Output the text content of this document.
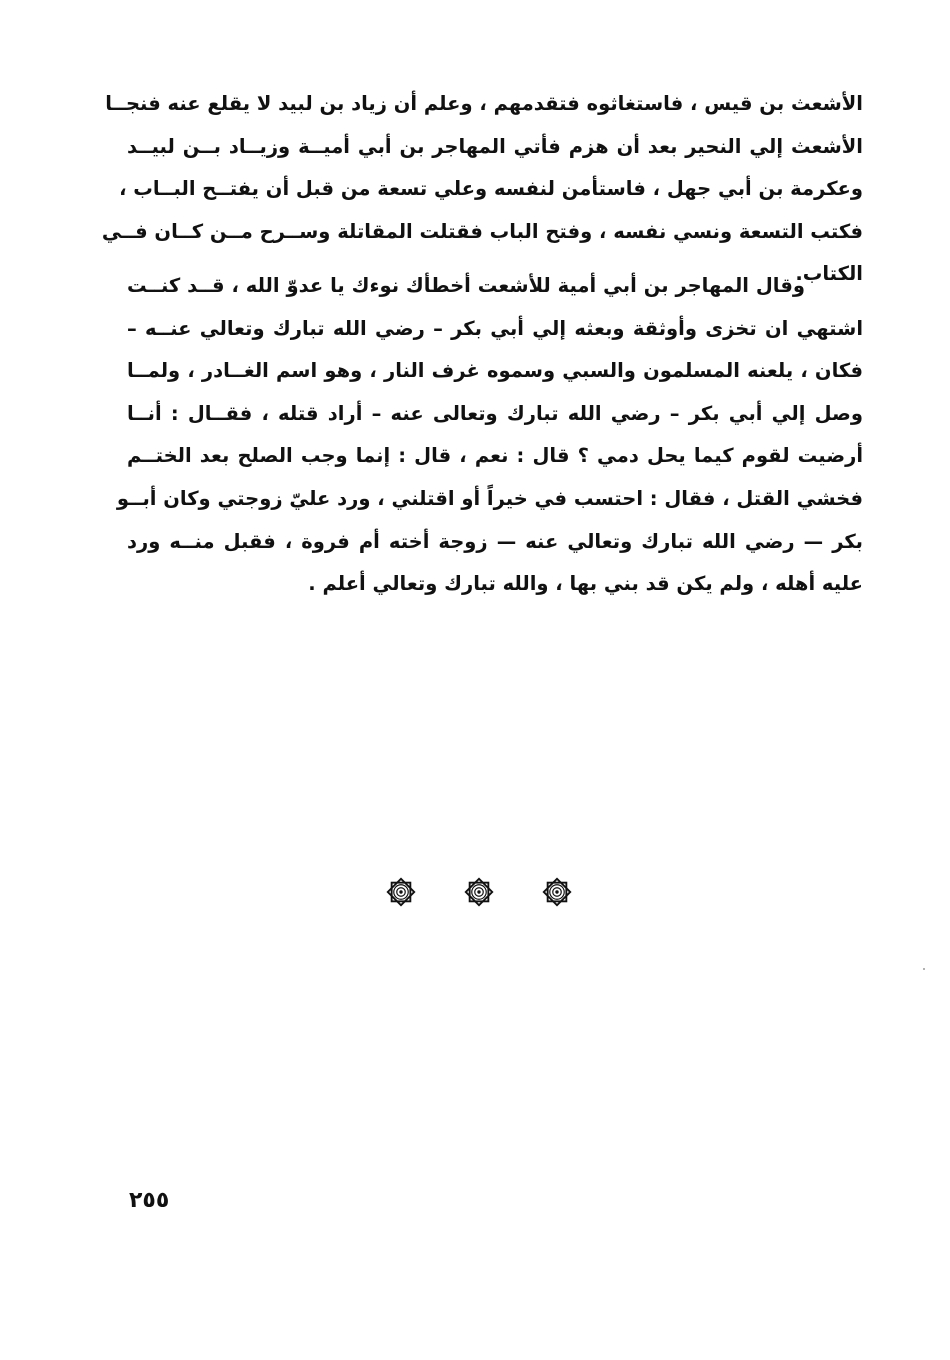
الأشعث بن قيس ، فاستغاثوه فتقدمهم ، وعلم أن زياد بن لبيد لا يقلع عنه فنجــا
الأشعث إلي النحير بعد أن هزم فأتي المهاجر بن أبي أميــة وزيــاد بــن لبيــد
وعكرمة بن أبي جهل ، فاستأمن لنفسه وعلي تسعة من قبل أن يفتــح البــاب ،
فكتب التسعة ونسي نفسه ، وفتح الباب فقتلت المقاتلة وســرح مــن كــان فــي
الكتاب.
وقال المهاجر بن أبي أمية للأشعت أخطأك نوءك يا عدوّ الله ، قــد كنــت
اشتهي ان تخزى وأوثقة وبعثه إلي أبي بكر – رضي الله تبارك وتعالي عنــه –
فكان ، يلعنه المسلمون والسبي وسموه غرف النار ، وهو اسم الغــادر ، ولمــا
وصل إلي أبي بكر – رضي الله تبارك وتعالى عنه – أراد قتله ، فقــال : أنــا
أرضيت لقوم كيما يحل دمي ؟ قال : نعم ، قال : إنما وجب الصلح بعد الختــم
فخشي القتل ، فقال : احتسب في خيراً أو اقتلني ، ورد عليّ زوجتي وكان أبــو
بكر — رضي الله تبارك وتعالي عنه — زوجة أخته أم فروة ، فقبل منــه ورد
عليه أهله ، ولم يكن قد بني بها ، والله تبارك وتعالي أعلم .
٢٥٥
